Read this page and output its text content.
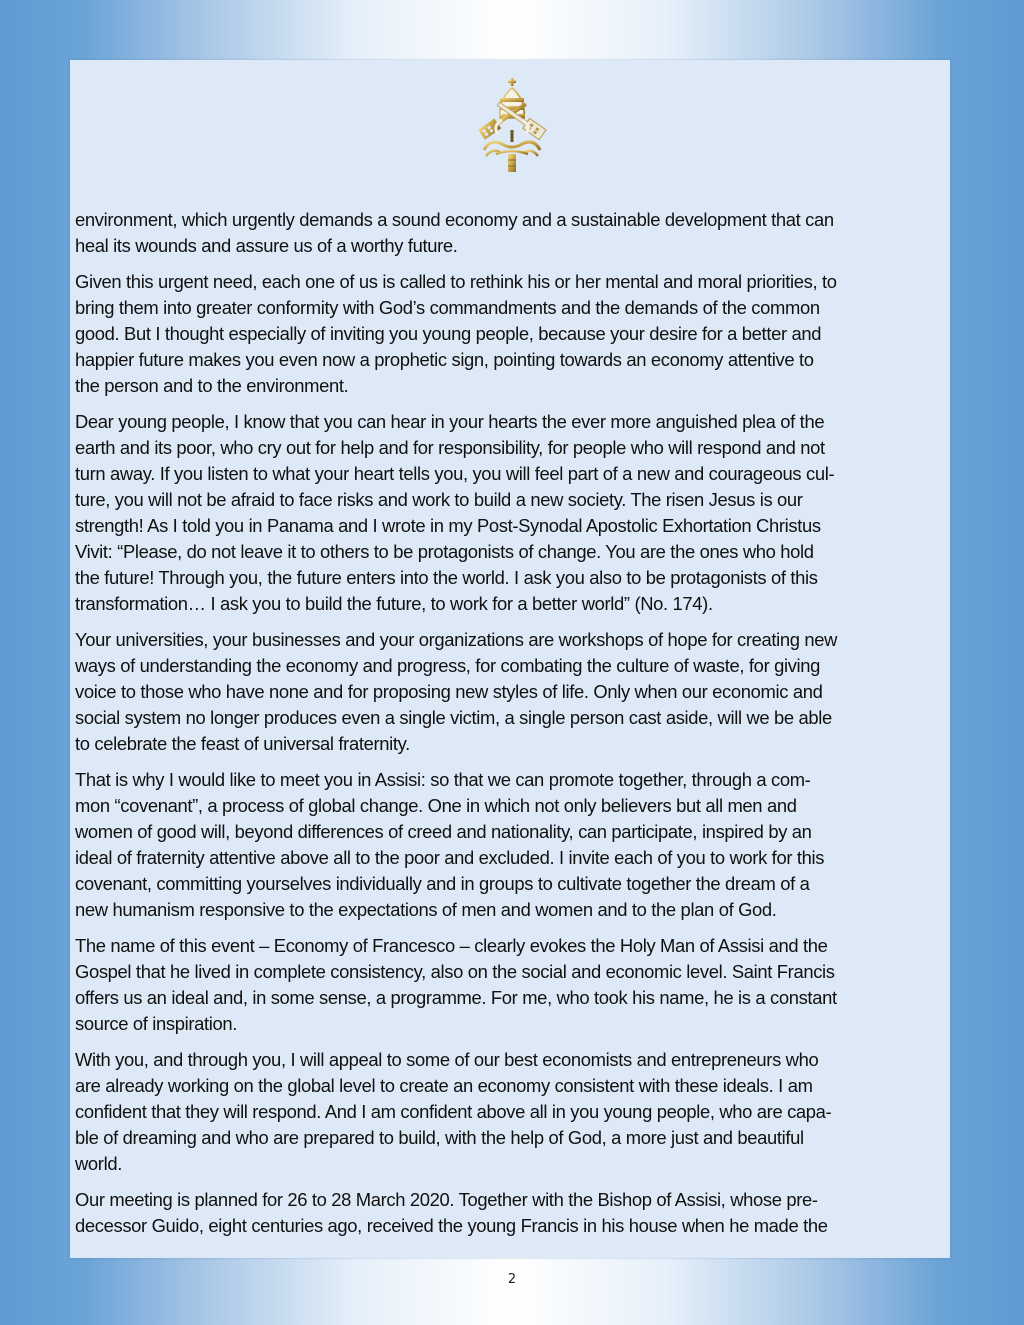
environment, which urgently demands a sound economy and a sustainable development that can
heal its wounds and assure us of a worthy future.

Given this urgent need, each one of us is called to rethink his or her mental and moral priorities, to
bring them into greater conformity with God’s commandments and the demands of the common
good. But I thought especially of inviting you young people, because your desire for a better and
happier future makes you even now a prophetic sign, pointing towards an economy attentive to
the person and to the environment.

Dear young people, I know that you can hear in your hearts the ever more anguished plea of the
earth and its poor, who cry out for help and for responsibility, for people who will respond and not
turn away. If you listen to what your heart tells you, you will feel part of a new and courageous cul-
ture, you will not be afraid to face risks and work to build a new society. The risen Jesus is our
strength! As I told you in Panama and I wrote in my Post-Synodal Apostolic Exhortation Christus
Vivit: “Please, do not leave it to others to be protagonists of change. You are the ones who hold
the future! Through you, the future enters into the world. I ask you also to be protagonists of this
transformation… I ask you to build the future, to work for a better world” (No. 174).

Your universities, your businesses and your organizations are workshops of hope for creating new
ways of understanding the economy and progress, for combating the culture of waste, for giving
voice to those who have none and for proposing new styles of life. Only when our economic and
social system no longer produces even a single victim, a single person cast aside, will we be able
to celebrate the feast of universal fraternity.

That is why I would like to meet you in Assisi: so that we can promote together, through a com-
mon “covenant”, a process of global change. One in which not only believers but all men and
women of good will, beyond differences of creed and nationality, can participate, inspired by an
ideal of fraternity attentive above all to the poor and excluded. I invite each of you to work for this
covenant, committing yourselves individually and in groups to cultivate together the dream of a
new humanism responsive to the expectations of men and women and to the plan of God.

The name of this event – Economy of Francesco – clearly evokes the Holy Man of Assisi and the
Gospel that he lived in complete consistency, also on the social and economic level. Saint Francis
offers us an ideal and, in some sense, a programme. For me, who took his name, he is a constant
source of inspiration.

With you, and through you, I will appeal to some of our best economists and entrepreneurs who
are already working on the global level to create an economy consistent with these ideals. I am
confident that they will respond. And I am confident above all in you young people, who are capa-
ble of dreaming and who are prepared to build, with the help of God, a more just and beautiful
world.

Our meeting is planned for 26 to 28 March 2020. Together with the Bishop of Assisi, whose pre-
decessor Guido, eight centuries ago, received the young Francis in his house when he made the

2
